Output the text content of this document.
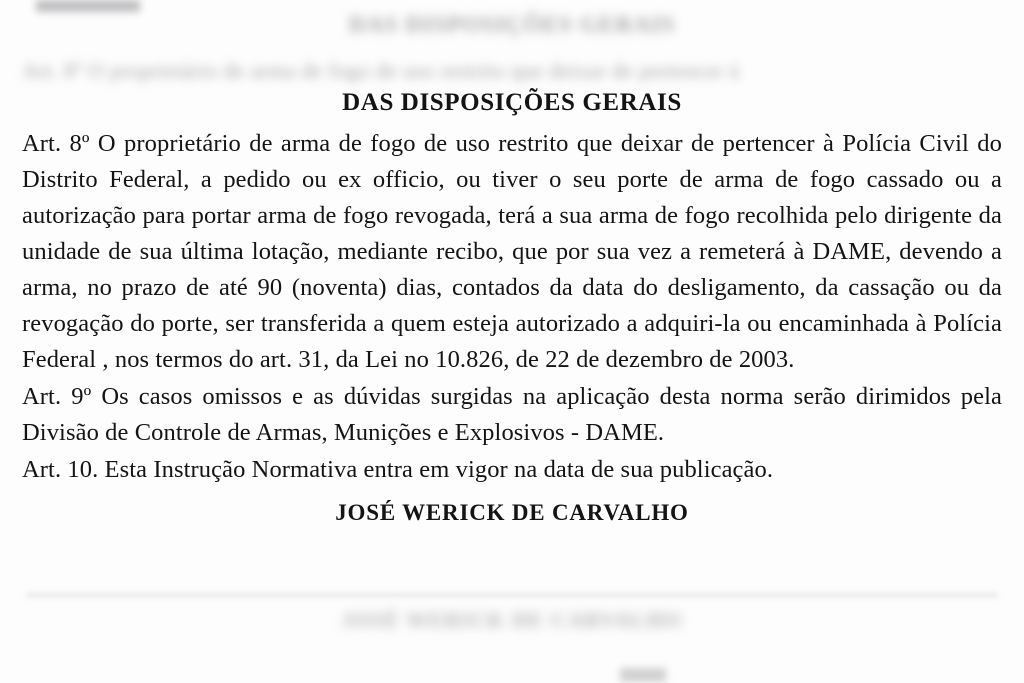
DAS DISPOSIÇÕES GERAIS
Art. 8º O proprietário de arma de fogo de uso restrito que deixar de pertencer à
DAS DISPOSIÇÕES GERAIS

Art. 8º O proprietário de arma de fogo de uso restrito que deixar de pertencer à Polícia Civil do Distrito Federal, a pedido ou ex officio, ou tiver o seu porte de arma de fogo cassado ou a autorização para portar arma de fogo revogada, terá a sua arma de fogo recolhida pelo dirigente da unidade de sua última lotação, mediante recibo, que por sua vez a remeterá à DAME, devendo a arma, no prazo de até 90 (noventa) dias, contados da data do desligamento, da cassação ou da revogação do porte, ser transferida a quem esteja autorizado a adquiri-la ou encaminhada à Polícia Federal , nos termos do art. 31, da Lei no 10.826, de 22 de dezembro de 2003.

Art. 9º Os casos omissos e as dúvidas surgidas na aplicação desta norma serão dirimidos pela Divisão de Controle de Armas, Munições e Explosivos - DAME.

Art. 10. Esta Instrução Normativa entra em vigor na data de sua publicação.

JOSÉ WERICK DE CARVALHO
JOSÉ WERICK DE CARVALHO
